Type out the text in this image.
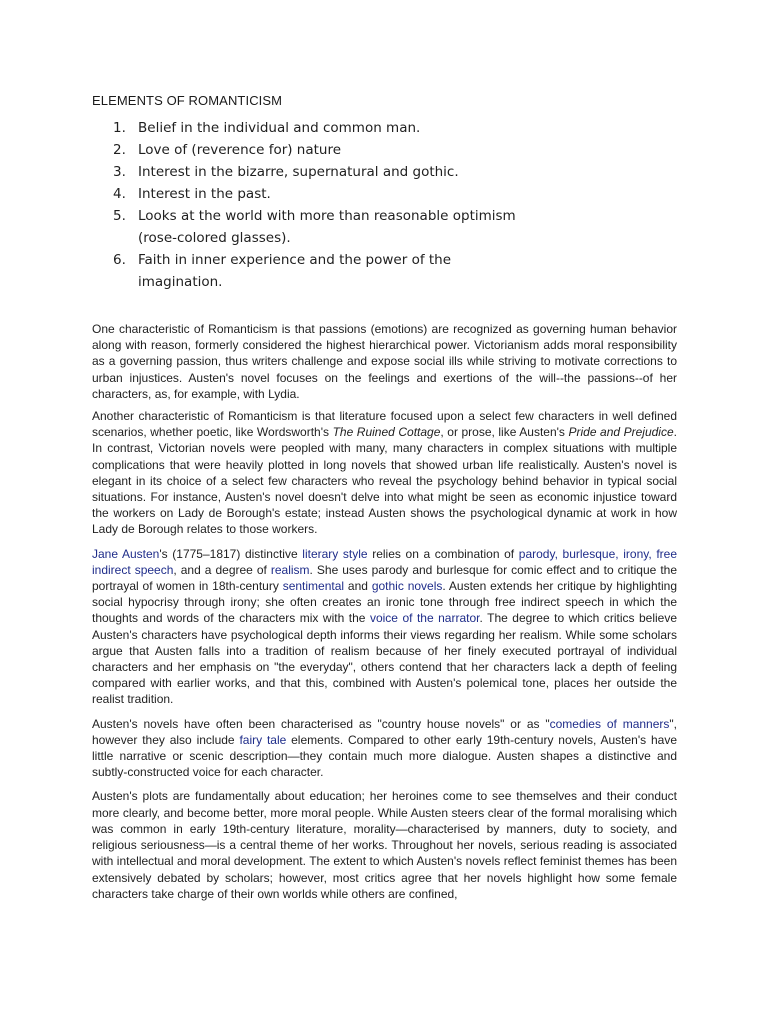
ELEMENTS OF ROMANTICISM
1. Belief in the individual and common man.
2. Love of (reverence for) nature
3. Interest in the bizarre, supernatural and gothic.
4. Interest in the past.
5. Looks at the world with more than reasonable optimism (rose-colored glasses).
6. Faith in inner experience and the power of the imagination.

One characteristic of Romanticism is that passions (emotions) are recognized as governing human behavior along with reason, formerly considered the highest hierarchical power. Victorianism adds moral responsibility as a governing passion, thus writers challenge and expose social ills while striving to motivate corrections to urban injustices. Austen's novel focuses on the feelings and exertions of the will--the passions--of her characters, as, for example, with Lydia.

Another characteristic of Romanticism is that literature focused upon a select few characters in well defined scenarios, whether poetic, like Wordsworth's The Ruined Cottage, or prose, like Austen's Pride and Prejudice. In contrast, Victorian novels were peopled with many, many characters in complex situations with multiple complications that were heavily plotted in long novels that showed urban life realistically. Austen's novel is elegant in its choice of a select few characters who reveal the psychology behind behavior in typical social situations. For instance, Austen's novel doesn't delve into what might be seen as economic injustice toward the workers on Lady de Borough's estate; instead Austen shows the psychological dynamic at work in how Lady de Borough relates to those workers.

Jane Austen's (1775–1817) distinctive literary style relies on a combination of parody, burlesque, irony, free indirect speech, and a degree of realism. She uses parody and burlesque for comic effect and to critique the portrayal of women in 18th-century sentimental and gothic novels. Austen extends her critique by highlighting social hypocrisy through irony; she often creates an ironic tone through free indirect speech in which the thoughts and words of the characters mix with the voice of the narrator. The degree to which critics believe Austen's characters have psychological depth informs their views regarding her realism. While some scholars argue that Austen falls into a tradition of realism because of her finely executed portrayal of individual characters and her emphasis on "the everyday", others contend that her characters lack a depth of feeling compared with earlier works, and that this, combined with Austen's polemical tone, places her outside the realist tradition.

Austen's novels have often been characterised as "country house novels" or as "comedies of manners", however they also include fairy tale elements. Compared to other early 19th-century novels, Austen's have little narrative or scenic description—they contain much more dialogue. Austen shapes a distinctive and subtly-constructed voice for each character.

Austen's plots are fundamentally about education; her heroines come to see themselves and their conduct more clearly, and become better, more moral people. While Austen steers clear of the formal moralising which was common in early 19th-century literature, morality—characterised by manners, duty to society, and religious seriousness—is a central theme of her works. Throughout her novels, serious reading is associated with intellectual and moral development. The extent to which Austen's novels reflect feminist themes has been extensively debated by scholars; however, most critics agree that her novels highlight how some female characters take charge of their own worlds while others are confined,
